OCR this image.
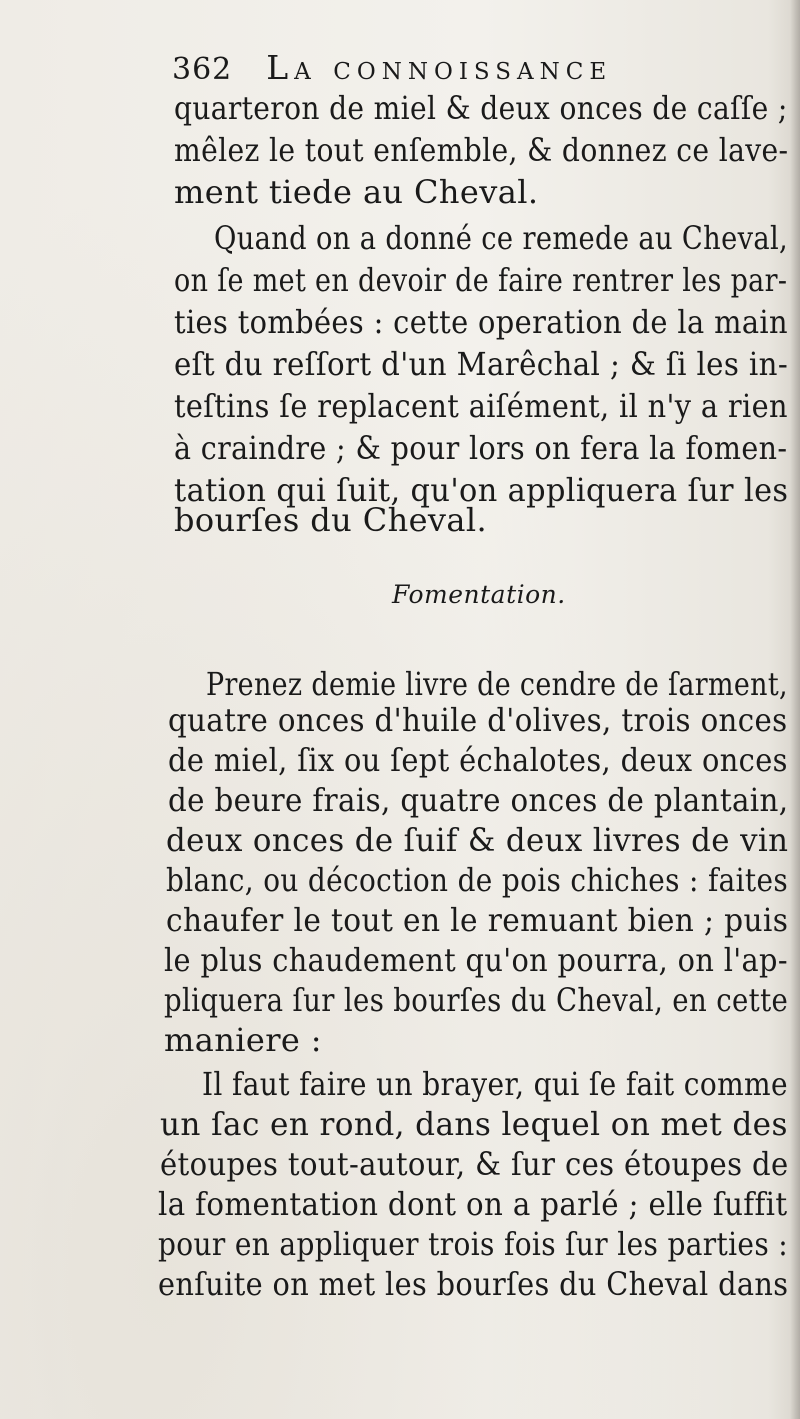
362 La connoissance
quarteron de miel & deux onces de caſſe ;
mêlez le tout enſemble, & donnez ce lave-
ment tiede au Cheval.
Quand on a donné ce remede au Cheval,
on ſe met en devoir de faire rentrer les par-
ties tombées : cette operation de la main
eſt du reſſort d'un Marêchal ; & ſi les in-
teſtins ſe replacent aiſément, il n'y a rien
à craindre ; & pour lors on fera la fomen-
tation qui ſuit, qu'on appliquera ſur les
bourſes du Cheval.
Fomentation.
Prenez demie livre de cendre de ſarment,
quatre onces d'huile d'olives, trois onces
de miel, ſix ou ſept échalotes, deux onces
de beure frais, quatre onces de plantain,
deux onces de ſuif & deux livres de vin
blanc, ou décoction de pois chiches : faites
chaufer le tout en le remuant bien ; puis
le plus chaudement qu'on pourra, on l'ap-
pliquera ſur les bourſes du Cheval, en cette
maniere :
Il faut faire un brayer, qui ſe fait comme
un ſac en rond, dans lequel on met des
étoupes tout-autour, & ſur ces étoupes de
la fomentation dont on a parlé ; elle ſuffit
pour en appliquer trois fois ſur les parties :
enſuite on met les bourſes du Cheval dans
